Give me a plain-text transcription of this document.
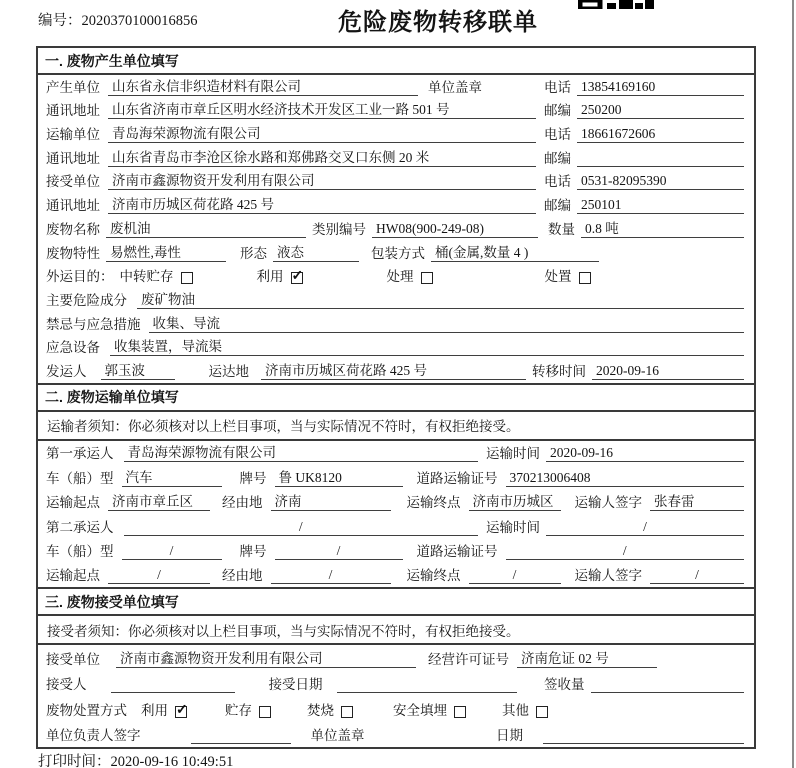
编号：2020370100016856	危险废物转移联单
一. 废物产生单位填写
产生单位 山东省永信非织造材料有限公司	单位盖章	电话 13854169160
通讯地址 山东省济南市章丘区明水经济技术开发区工业一路 501 号	邮编 250200
运输单位 青岛海荣源物流有限公司	电话 18661672606
通讯地址 山东省青岛市李沧区徐水路和郑佛路交叉口东侧 20 米	邮编
接受单位 济南市鑫源物资开发利用有限公司	电话 0531-82095390
通讯地址 济南市历城区荷花路 425 号	邮编 250101
废物名称 废机油	类别编号 HW08(900-249-08)	数量 0.8 吨
废物特性 易燃性,毒性	形态 液态	包装方式 桶(金属,数量 4 )
外运目的： 中转贮存	利用 ✓	处理	处置
主要危险成分 废矿物油
禁忌与应急措施 收集、导流
应急设备 收集装置，导流渠
发运人 郭玉波	运达地 济南市历城区荷花路 425 号	转移时间 2020-09-16
二. 废物运输单位填写
运输者须知： 你必须核对以上栏目事项，当与实际情况不符时，有权拒绝接受。
第一承运人 青岛海荣源物流有限公司	运输时间 2020-09-16
车（船）型 汽车	牌号 鲁 UK8120	道路运输证号 370213006408
运输起点 济南市章丘区	经由地 济南	运输终点 济南市历城区	运输人签字 张春雷
第二承运人	/	运输时间	/
车（船）型	/	牌号	/	道路运输证号	/
运输起点	/	经由地	/	运输终点	/	运输人签字	/
三. 废物接受单位填写
接受者须知： 你必须核对以上栏目事项，当与实际情况不符时，有权拒绝接受。
接受单位 济南市鑫源物资开发利用有限公司	经营许可证号 济南危证 02 号
接受人	接受日期	签收量
废物处置方式 利用 ✓	贮存	焚烧	安全填埋	其他
单位负责人签字	单位盖章	日期
打印时间：2020-09-16 10:49:51
